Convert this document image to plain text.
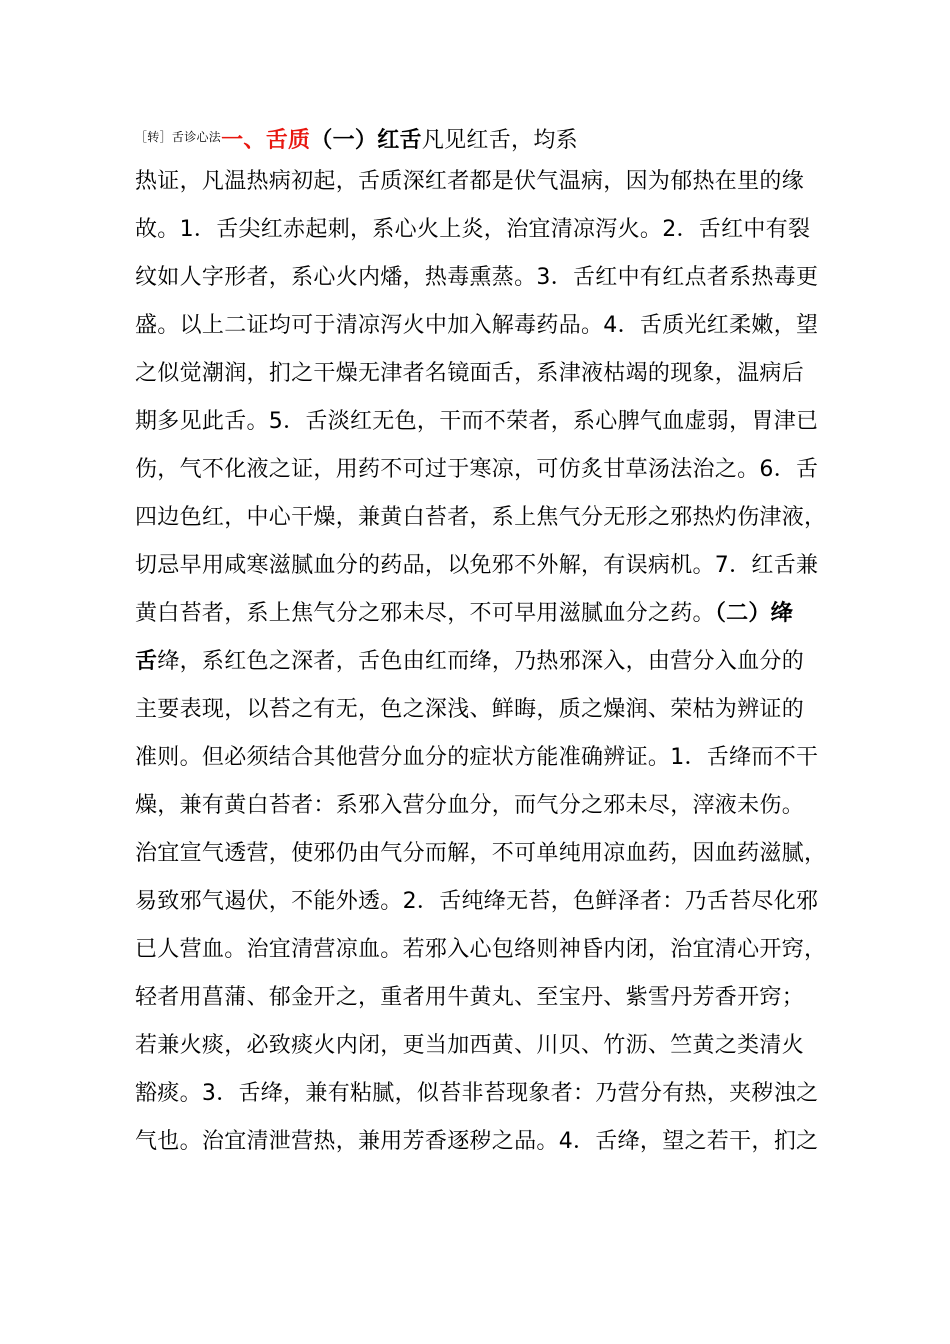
$^{[转]舌诊心法}$一、舌质（一）红舌凡见红舌，均系
热证，凡温热病初起，舌质深红者都是伏气温病，因为郁热在里的缘
故。1．舌尖红赤起刺，系心火上炎，治宜清凉泻火。2．舌红中有裂
纹如人字形者，系心火内燔，热毒熏蒸。3．舌红中有红点者系热毒更
盛。以上二证均可于清凉泻火中加入解毒药品。4．舌质光红柔嫩，望
之似觉潮润，扪之干燥无津者名镜面舌，系津液枯竭的现象，温病后
期多见此舌。5．舌淡红无色，干而不荣者，系心脾气血虚弱，胃津已
伤，气不化液之证，用药不可过于寒凉，可仿炙甘草汤法治之。6．舌
四边色红，中心干燥，兼黄白苔者，系上焦气分无形之邪热灼伤津液，
切忌早用咸寒滋腻血分的药品，以免邪不外解，有误病机。7．红舌兼
黄白苔者，系上焦气分之邪未尽，不可早用滋腻血分之药。（二）绛
舌绛，系红色之深者，舌色由红而绛，乃热邪深入，由营分入血分的
主要表现，以苔之有无，色之深浅、鲜晦，质之燥润、荣枯为辨证的
准则。但必须结合其他营分血分的症状方能准确辨证。1．舌绛而不干
燥，兼有黄白苔者：系邪入营分血分，而气分之邪未尽，滓液未伤。
治宜宣气透营，使邪仍由气分而解，不可单纯用凉血药，因血药滋腻，
易致邪气遏伏，不能外透。2．舌纯绛无苔，色鲜泽者：乃舌苔尽化邪
已人营血。治宜清营凉血。若邪入心包络则神昏内闭，治宜清心开窍，
轻者用菖蒲、郁金开之，重者用牛黄丸、至宝丹、紫雪丹芳香开窍；
若兼火痰，必致痰火内闭，更当加西黄、川贝、竹沥、竺黄之类清火
豁痰。3．舌绛，兼有粘腻，似苔非苔现象者：乃营分有热，夹秽浊之
气也。治宜清泄营热，兼用芳香逐秽之品。4．舌绛，望之若干，扪之
